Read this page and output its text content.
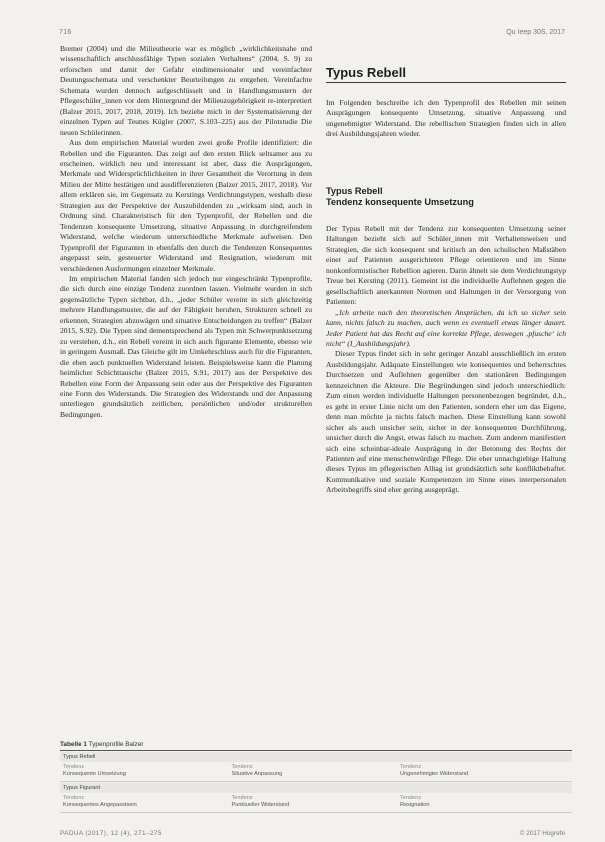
716	Qu Ieep 30S, 2017

Bremer (2004) und die Milieutheorie war es möglich „wirklichkeitsnahe und wissenschaftlich anschlussfähige Typen sozialen Verhaltens“ (2004, S. 9) zu erforschen und damit der Gefahr eindimensionaler und vereinfachter Deutungsschemata und verschenkter Beurteilungen zu entgehen. Vereinfachte Schemata wurden dennoch aufgeschlüsselt und in Handlungsmustern der Pflegeschüler_innen vor dem Hintergrund der Milieuzugehörigkeit re-interpretiert (Balzer 2015, 2017, 2018, 2019). Ich beziehe mich in der Systematisierung der einzelnen Typen auf Teunes Kügler (2007, S.103–225) aus der Pilotstudie Die neuen Schülerinnen.

Aus dem empirischen Material wurden zwei große Profile identifiziert: die Rebellen und die Figuranten. Das zeigt auf den ersten Blick seltsamer aus zu erscheinen, wirklich neu und interessant ist aber, dass die Ausprägungen, Merkmale und Widersprüchlichkeiten in ihrer Gesamtheit die Verortung in dem Milieu der Mitte bestätigen und ausdifferenzieren (Balzer 2015, 2017, 2018). Vor allem erklären sie, im Gegensatz zu Kerstings Verdichtungstypen, weshalb diese Strategien aus der Perspektive der Auszubildenden zu „wirksam sind, auch in Ordnung sind. Charakteristisch für den Typenprofil, der Rebellen und die Tendenzen konsequente Umsetzung, situative Anpassung in durchgreifendem Widerstand, welche wiederum unterschiedliche Merkmale aufweisen. Den Typenprofil der Figuranten in ebenfalls den durch die Tendenzen Konsequentes angepasst sein, gesteuerter Widerstand und Resignation, wiederum mit verschiedenen Ausformungen einzelner Merkmale.

Im empirischen Material fanden sich jedoch nur eingeschränkt Typenprofile, die sich durch eine einzige Tendenz zuordnen lassen. Vielmehr wurden in sich gegensätzliche Typen sichtbar, d.h., „jeder Schüler vereint in sich gleichzeitig mehrere Handlungsmuster, die auf der Fähigkeit beruhen, Strukturen schnell zu erkennen, Strategien abzuwägen und situative Entscheidungen zu treffen“ (Balzer 2015, S.92). Die Typen sind dementsprechend als Typen mit Schwerpunktsetzung zu verstehen, d.h., ein Rebell vereint in sich auch figurante Elemente, ebenso wie in geringem Ausmaß. Das Gleiche gilt im Umkehrschluss auch für die Figuranten, die eben auch punktuellen Widerstand leisten. Beispielsweise kann die Planung heimlicher Schichttausche (Balzer 2015, S.91, 2017) aus der Perspektive des Rebellen eine Form der Anpassung sein oder aus der Perspektive des Figuranten eine Form des Widerstands. Die Strategien des Widerstands und der Anpassung unterliegen grundsätzlich zeitlichen, persönlichen und/oder strukturellen Bedingungen.

Typus Rebell

Im Folgenden beschreibe ich den Typenprofil des Rebellen mit seinen Ausprägungen konsequente Umsetzung, situative Anpassung und ungenehmigter Widerstand. Die rebellischen Strategien finden sich in allen drei Ausbildungsjahren wieder.

Typus Rebell
Tendenz konsequente Umsetzung

Der Typus Rebell mit der Tendenz zur konsequenten Umsetzung seiner Haltungen bezieht sich auf Schüler_innen mit Verhaltensweisen und Strategien, die sich konsequent und kritisch an den schulischen Maßstäben einer auf Patienten ausgerichteten Pflege orientieren und im Sinne nonkonformistischer Rebellion agieren. Darin ähnelt sie dem Verdichtungstyp Treue bei Kersting (2011). Gemeint ist die individuelle Auflehnen gegen die gesellschaftlich anerkannten Normen und Haltungen in der Versorgung von Patienten:

„Ich arbeite nach den theoretischen Ansprüchen, da ich so sicher sein kann, nichts falsch zu machen, auch wenn es eventuell etwas länger dauert. Jeder Patient hat das Recht auf eine korrekte Pflege, deswegen ‚pfusche‘ ich nicht“ (I_Ausbildungsjahr).

Dieser Typus findet sich in sehr geringer Anzahl ausschließlich im ersten Ausbildungsjahr. Adäquate Einstellungen wie konsequentes und beherrschtes Durchsetzen und Auflehnen gegenüber den stationären Bedingungen kennzeichnen die Akteure. Die Begründungen sind jedoch unterschiedlich: Zum einen werden individuelle Haltungen personenbezogen begründet, d.h., es geht in erster Linie nicht um den Patienten, sondern eher um das Eigene, denn man möchte ja nichts falsch machen. Diese Einstellung kann sowohl sicher als auch unsicher sein, sicher in der konsequenten Durchführung, unsicher durch die Angst, etwas falsch zu machen. Zum anderen manifestiert sich eine scheinbar-ideale Ausprägung in der Betonung des Rechts der Patienten auf eine menschenwürdige Pflege. Die eher unnachgiebige Haltung dieses Typus im pflegerischen Alltag ist grundsätzlich sehr konfliktbehaftet. Kommunikative und soziale Kompetenzen im Sinne eines interpersonalen Arbeitsbegriffs sind eher gering ausgeprägt.

Tabelle 1 Typenprofile Balzer
Typus Rebell
Tendenz
Konsequente Umsetzung
Tendenz
Situative Anpassung
Tendenz
Ungenehmigter Widerstand
Typus Figurant
Tendenz
Konsequentes Angepasstsein
Tendenz
Punktueller Widerstand
Tendenz
Resignation
PADUA (2017), 12 (4), 271–275	© 2017 Hogrefe
